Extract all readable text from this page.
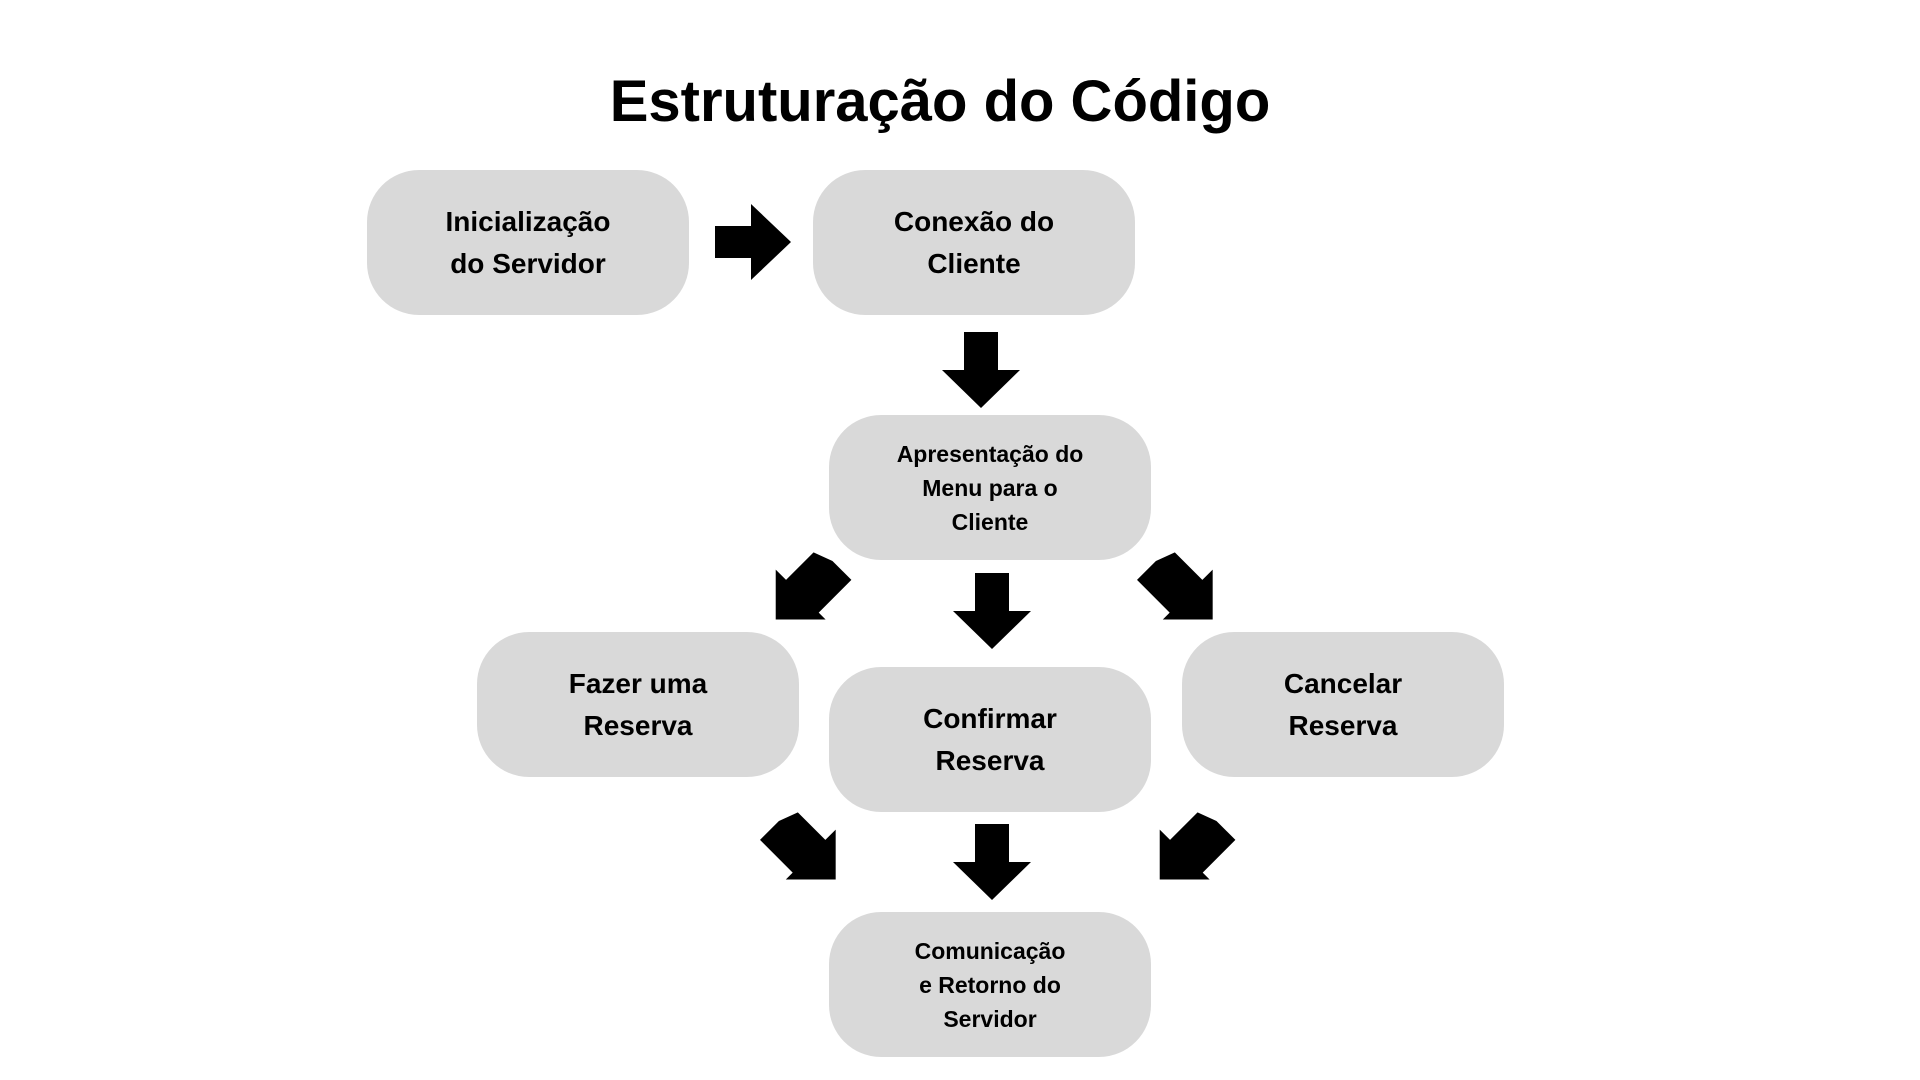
Estruturação do Código
Inicialização
do Servidor
Conexão do
Cliente
Apresentação do
Menu para o
Cliente
Fazer uma
Reserva	Confirmar
Reserva
Cancelar
Reserva
Comunicação
e Retorno do
Servidor
